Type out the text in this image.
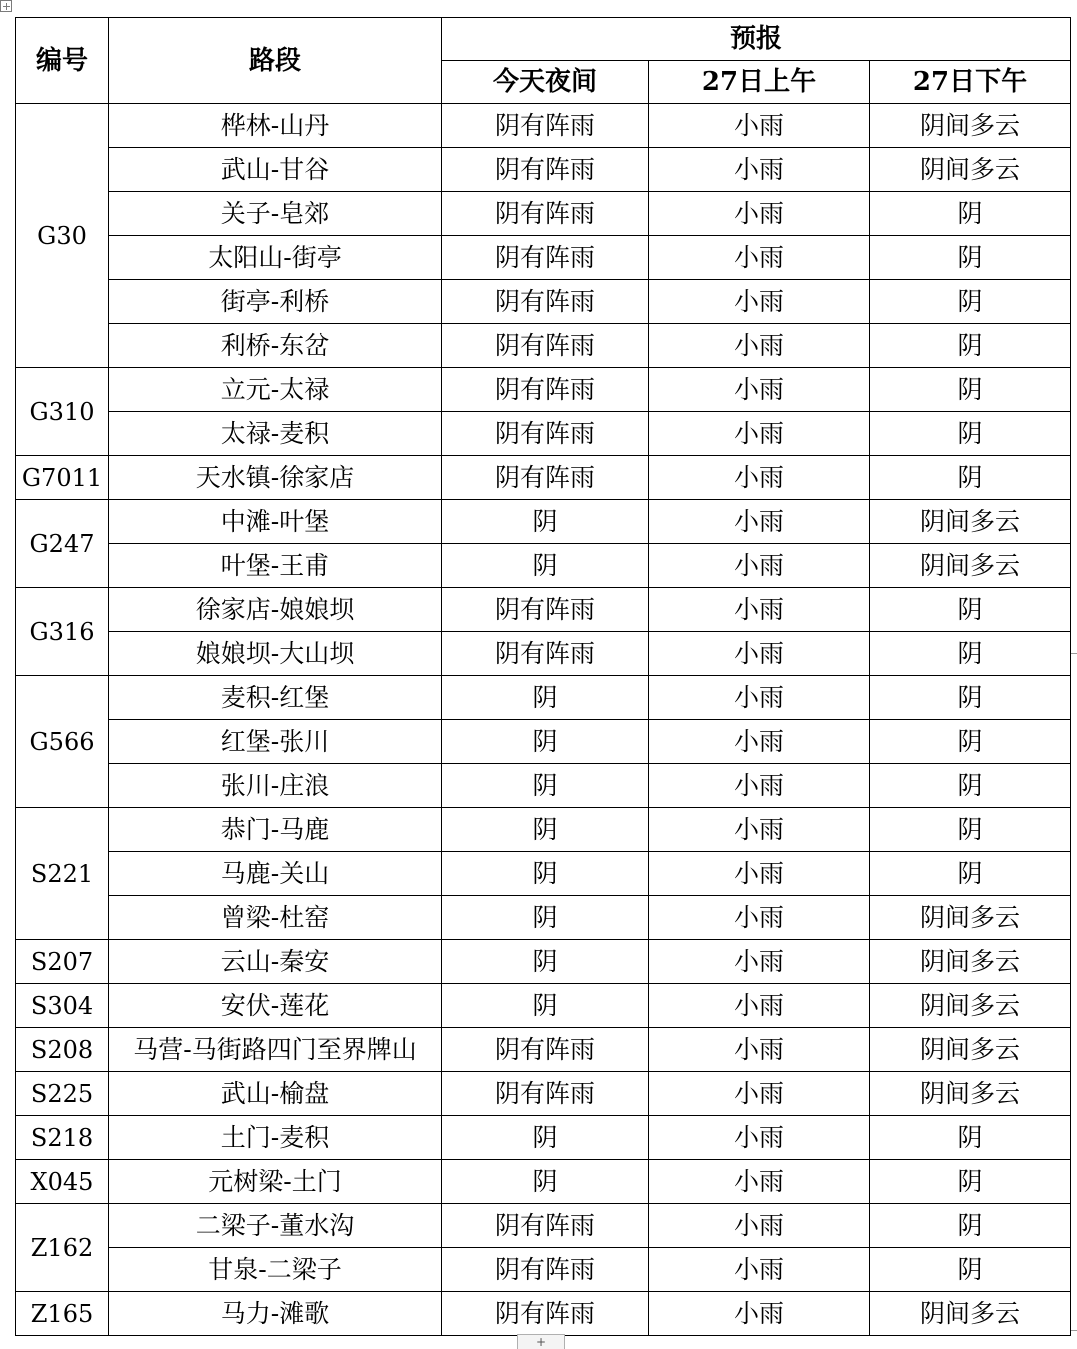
编号	路段	预报		
		今天夜间	27日上午	27日下午
G30	桦林-山丹	阴有阵雨	小雨	阴间多云
	武山-甘谷	阴有阵雨	小雨	阴间多云
	关子-皂郊	阴有阵雨	小雨	阴
	太阳山-街亭	阴有阵雨	小雨	阴
	街亭-利桥	阴有阵雨	小雨	阴
	利桥-东岔	阴有阵雨	小雨	阴
G310	立元-太禄	阴有阵雨	小雨	阴
	太禄-麦积	阴有阵雨	小雨	阴
G7011	天水镇-徐家店	阴有阵雨	小雨	阴
G247	中滩-叶堡	阴	小雨	阴间多云
	叶堡-王甫	阴	小雨	阴间多云
G316	徐家店-娘娘坝	阴有阵雨	小雨	阴
	娘娘坝-大山坝	阴有阵雨	小雨	阴
G566	麦积-红堡	阴	小雨	阴
	红堡-张川	阴	小雨	阴
	张川-庄浪	阴	小雨	阴
S221	恭门-马鹿	阴	小雨	阴
	马鹿-关山	阴	小雨	阴
	曾梁-杜窑	阴	小雨	阴间多云
S207	云山-秦安	阴	小雨	阴间多云
S304	安伏-莲花	阴	小雨	阴间多云
S208	马营-马街路四门至界牌山	阴有阵雨	小雨	阴间多云
S225	武山-榆盘	阴有阵雨	小雨	阴间多云
S218	土门-麦积	阴	小雨	阴
X045	元树梁-土门	阴	小雨	阴
Z162	二梁子-董水沟	阴有阵雨	小雨	阴
	甘泉-二梁子	阴有阵雨	小雨	阴
Z165	马力-滩歌	阴有阵雨	小雨	阴间多云
+
